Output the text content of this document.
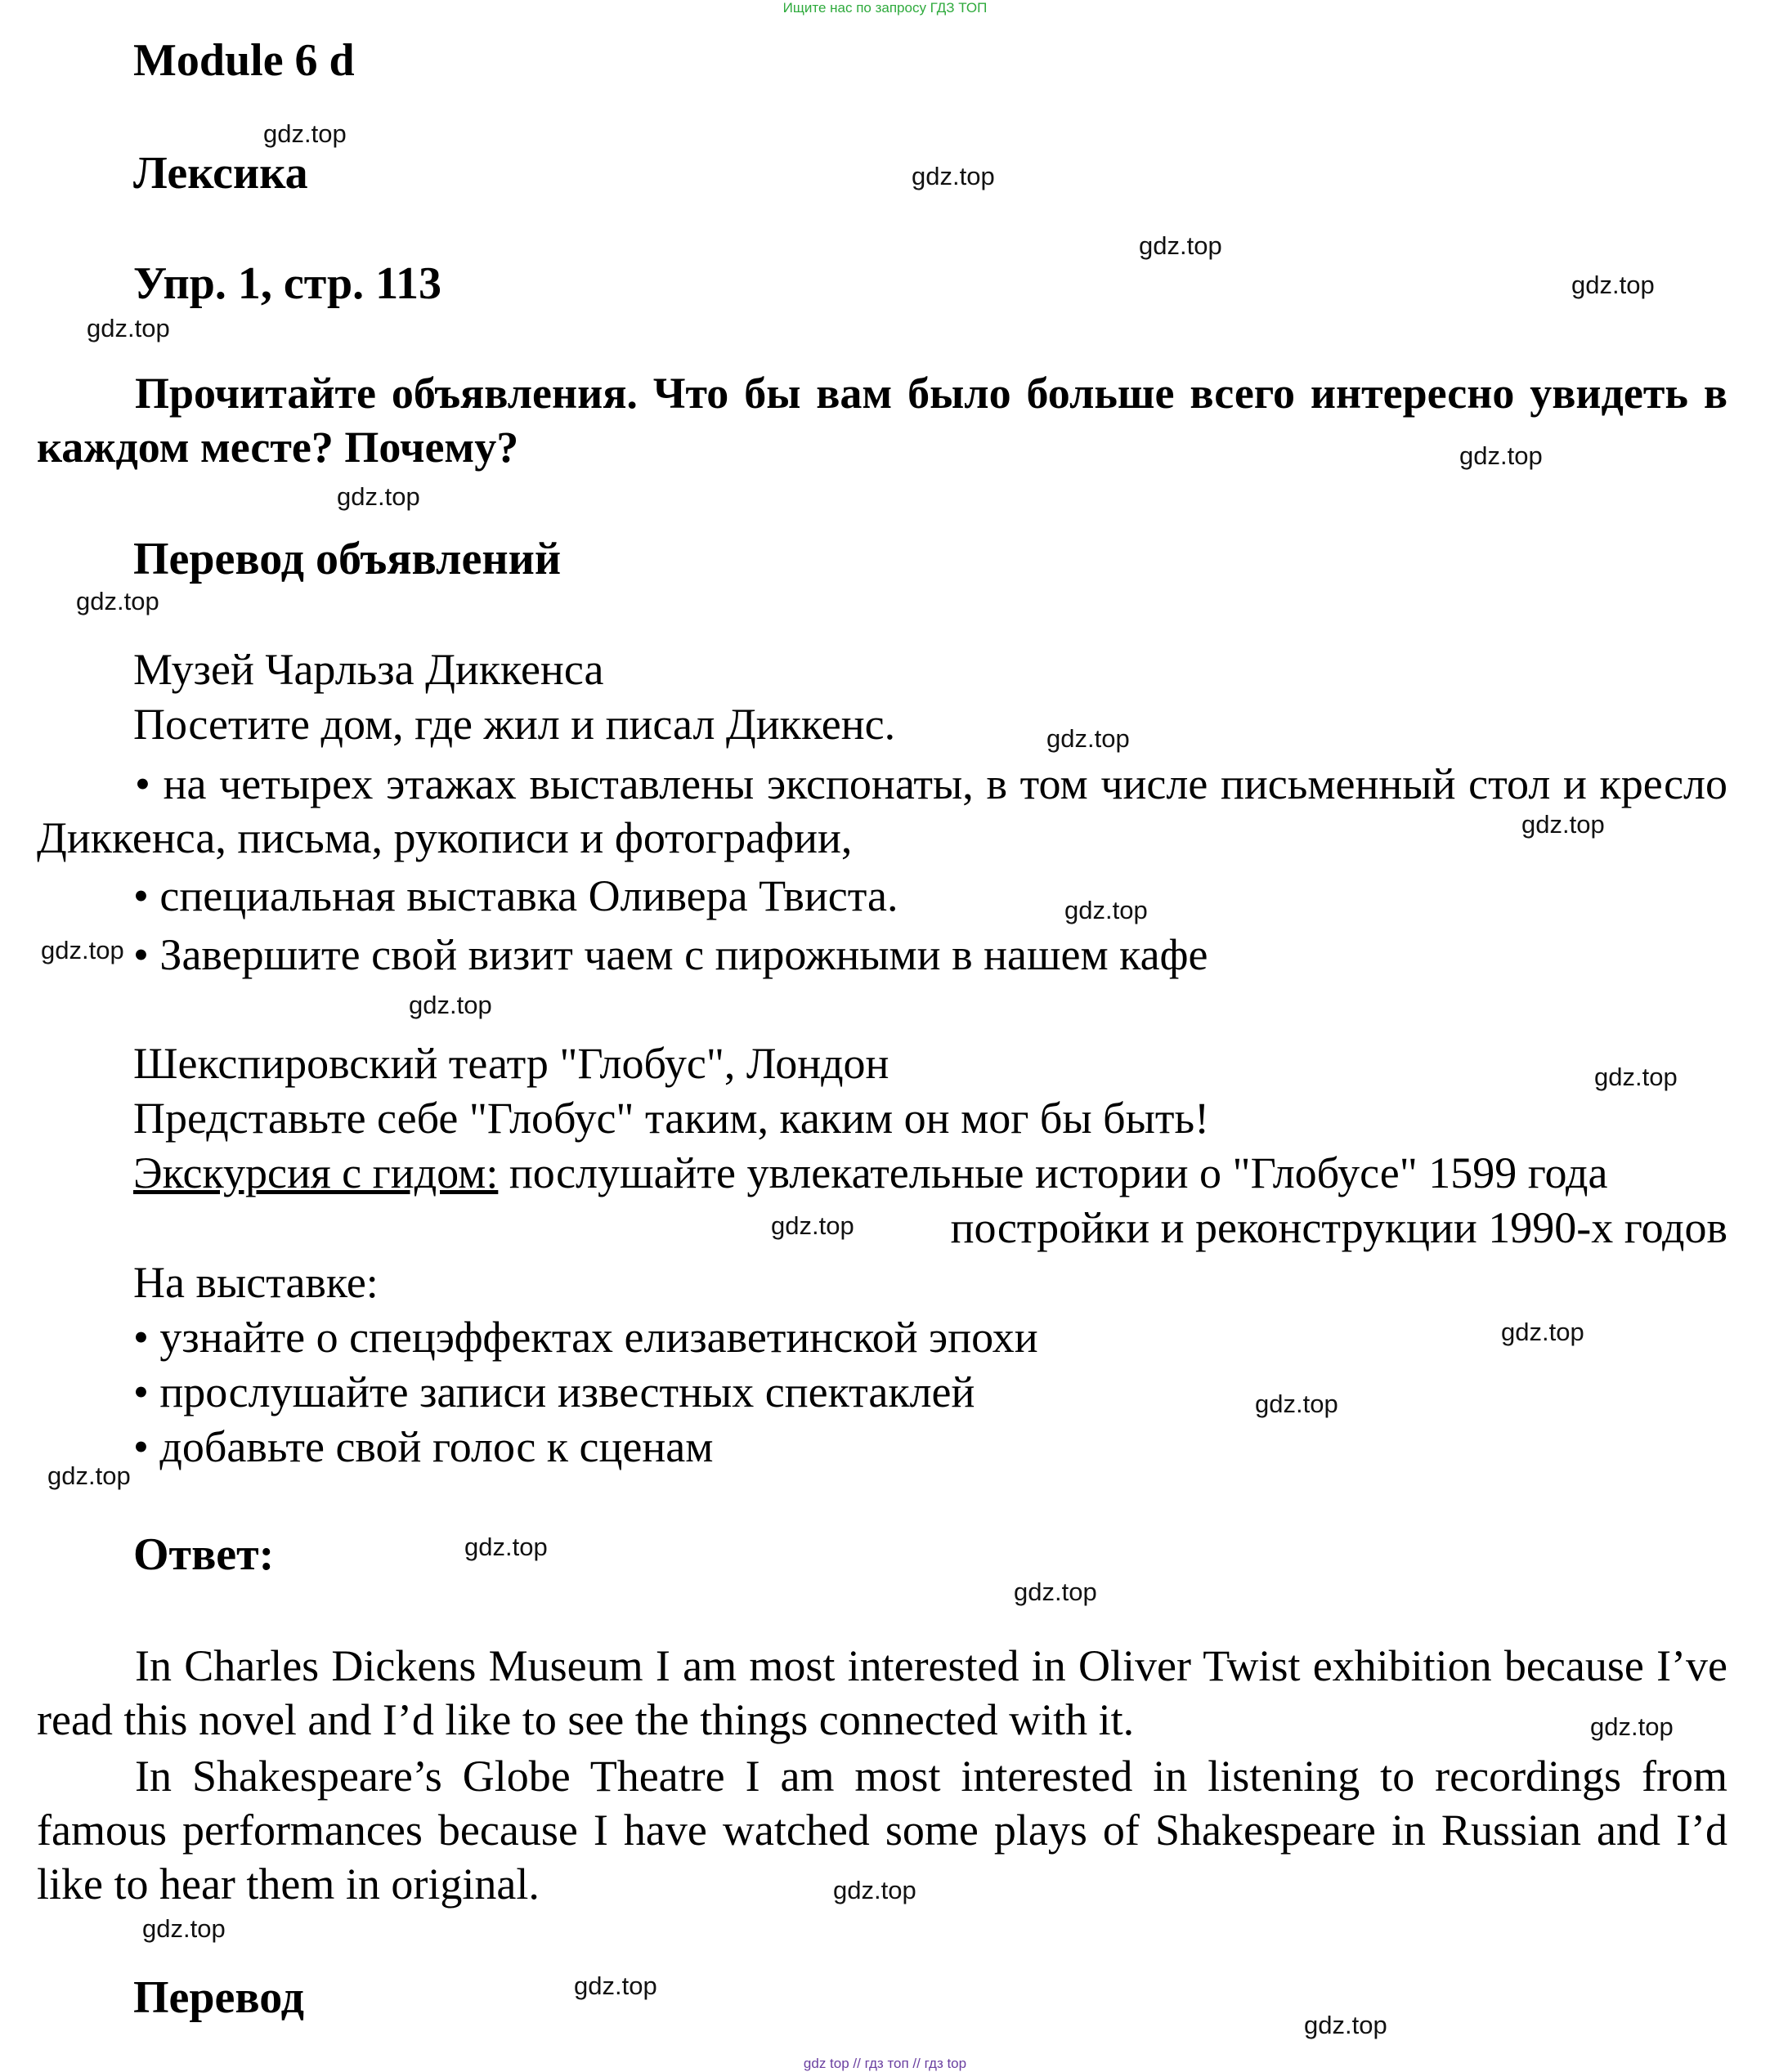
Ищите нас по запросу ГДЗ ТОП
Module 6 d
Лексика
Упр. 1, стр. 113
Прочитайте объявления. Что бы вам было больше всего интересно увидеть в каждом месте? Почему?
Перевод объявлений
Музей Чарльза Диккенса
Посетите дом, где жил и писал Диккенс.
• на четырех этажах выставлены экспонаты, в том числе письменный стол и кресло Диккенса, письма, рукописи и фотографии,
• специальная выставка Оливера Твиста.
• Завершите свой визит чаем с пирожными в нашем кафе
Шекспировский театр "Глобус", Лондон
Представьте себе "Глобус" таким, каким он мог бы быть!
Экскурсия с гидом: послушайте увлекательные истории о "Глобусе" 1599 года
постройки и реконструкции 1990-х годов
На выставке:
• узнайте о спецэффектах елизаветинской эпохи
• прослушайте записи известных спектаклей
• добавьте свой голос к сценам
Ответ:
In Charles Dickens Museum I am most interested in Oliver Twist exhibition because I’ve read this novel and I’d like to see the things connected with it.
In Shakespeare’s Globe Theatre I am most interested in listening to recordings from famous performances because I have watched some plays of Shakespeare in Russian and I’d like to hear them in original.
Перевод
gdz.top
gdz.top
gdz.top
gdz.top
gdz.top
gdz.top
gdz.top
gdz.top
gdz.top
gdz.top
gdz.top
gdz.top
gdz.top
gdz.top
gdz.top
gdz.top
gdz.top
gdz.top
gdz.top
gdz.top
gdz.top
gdz.top
gdz.top
gdz.top
gdz.top
gdz top // гдз топ // гдз top
